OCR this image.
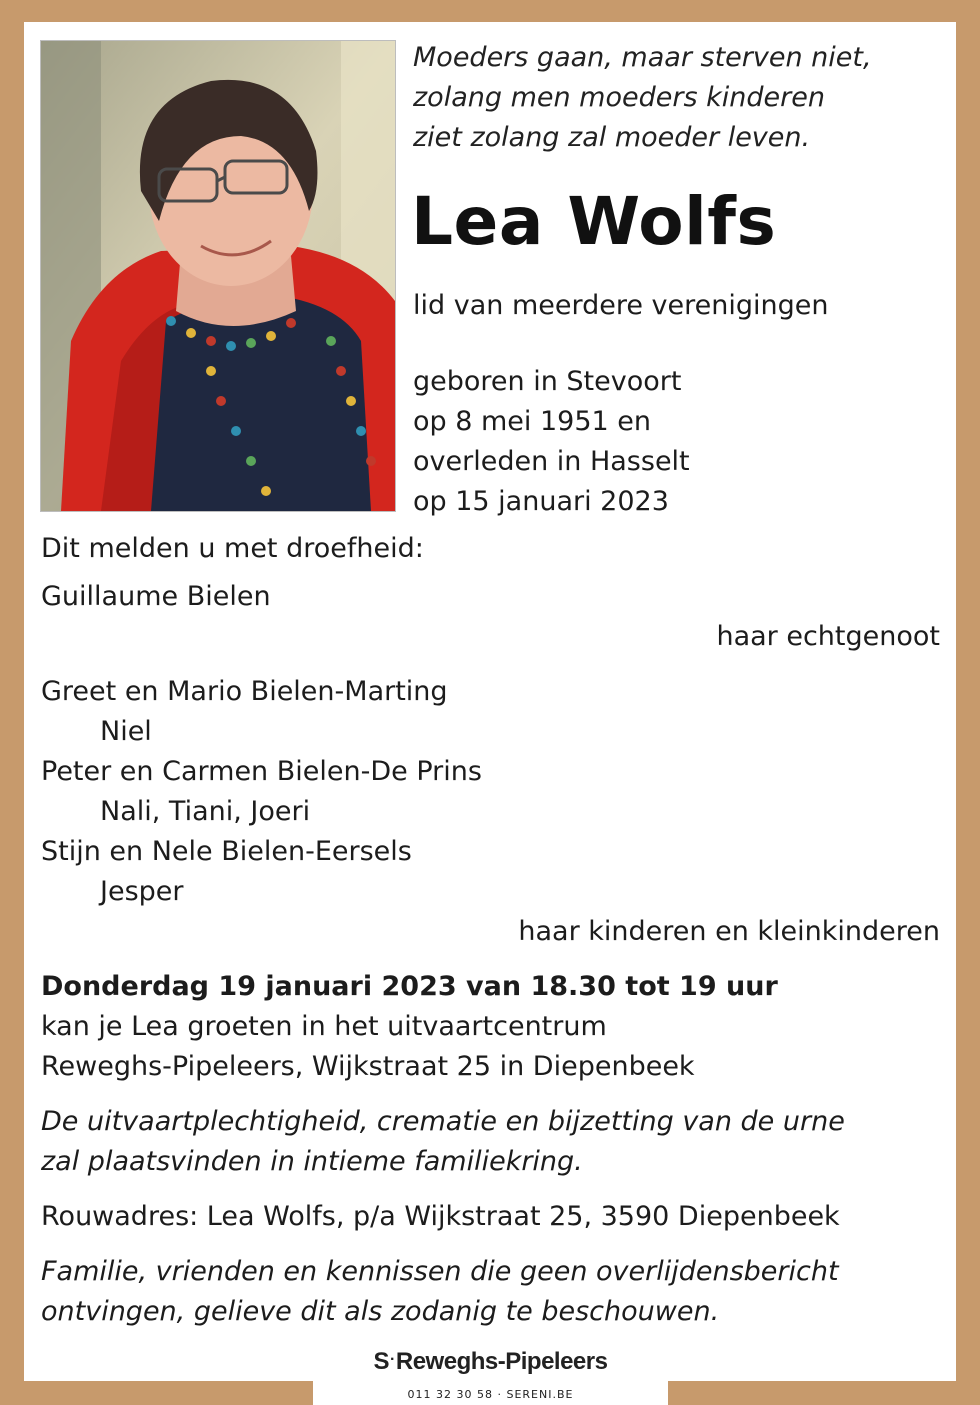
Moeders gaan, maar sterven niet,

zolang men moeders kinderen

ziet zolang zal moeder leven.

Lea Wolfs

lid van meerdere verenigingen

geboren in Stevoort

op 8 mei 1951 en

overleden in Hasselt

op 15 januari 2023

Dit melden u met droefheid:

Guillaume Bielen

haar echtgenoot

Greet en Mario Bielen-Marting

Niel

Peter en Carmen Bielen-De Prins

Nali, Tiani, Joeri

Stijn en Nele Bielen-Eersels

Jesper

haar kinderen en kleinkinderen

Donderdag 19 januari 2023 van 18.30 tot 19 uur

kan je Lea groeten in het uitvaartcentrum

Reweghs-Pipeleers, Wijkstraat 25 in Diepenbeek

De uitvaartplechtigheid, crematie en bijzetting van de urne

zal plaatsvinden in intieme familiekring.

Rouwadres: Lea Wolfs, p/a Wijkstraat 25, 3590 Diepenbeek

Familie, vrienden en kennissen die geen overlijdensbericht

ontvingen, gelieve dit als zodanig te beschouwen.

S·Reweghs-Pipeleers
011 32 30 58 · SERENI.BE
